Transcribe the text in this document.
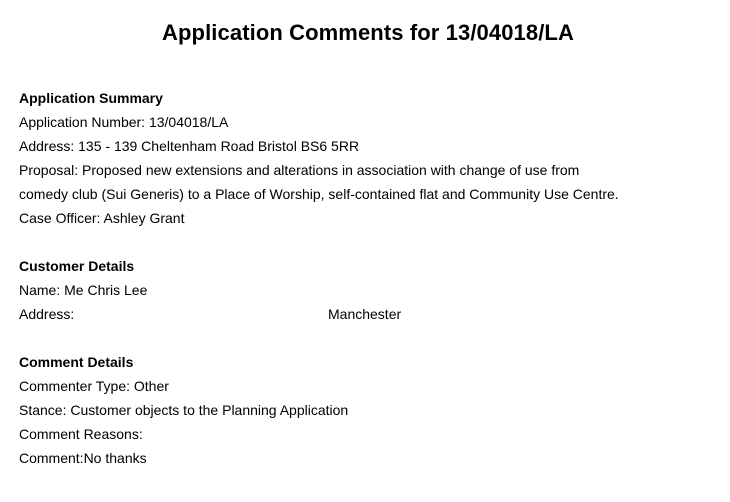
Application Comments for 13/04018/LA

Application Summary

Application Number: 13/04018/LA

Address: 135 - 139 Cheltenham Road Bristol BS6 5RR

Proposal: Proposed new extensions and alterations in association with change of use from

comedy club (Sui Generis) to a Place of Worship, self-contained flat and Community Use Centre.

Case Officer: Ashley Grant

Customer Details

Name: Me Chris Lee

Address:	Manchester

Comment Details

Commenter Type: Other

Stance: Customer objects to the Planning Application

Comment Reasons:

Comment:No thanks
